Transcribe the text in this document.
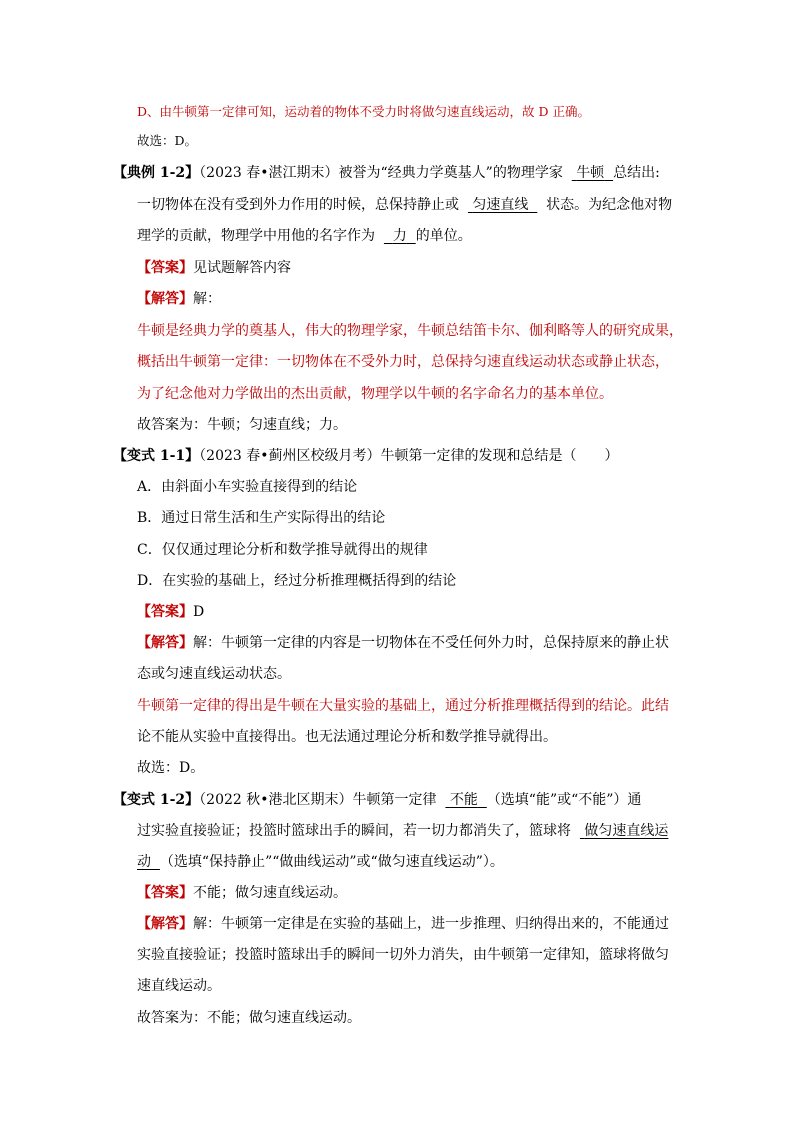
D、由牛顿第一定律可知，运动着的物体不受力时将做匀速直线运动，故 D 正确。
故选：D。
【典例 1-2】（2023 春•湛江期末）被誉为“经典力学奠基人”的物理学家 牛顿 总结出:
一切物体在没有受到外力作用的时候，总保持静止或 匀速直线 状态。为纪念他对物
理学的贡献，物理学中用他的名字作为 力 的单位。
【答案】见试题解答内容
【解答】解：
牛顿是经典力学的奠基人，伟大的物理学家，牛顿总结笛卡尔、伽利略等人的研究成果，
概括出牛顿第一定律：一切物体在不受外力时，总保持匀速直线运动状态或静止状态，
为了纪念他对力学做出的杰出贡献，物理学以牛顿的名字命名力的基本单位。
故答案为：牛顿；匀速直线；力。
【变式 1-1】（2023 春•蓟州区校级月考）牛顿第一定律的发现和总结是（　　）
A．由斜面小车实验直接得到的结论
B．通过日常生活和生产实际得出的结论
C．仅仅通过理论分析和数学推导就得出的规律
D．在实验的基础上，经过分析推理概括得到的结论
【答案】D
【解答】解：牛顿第一定律的内容是一切物体在不受任何外力时，总保持原来的静止状
态或匀速直线运动状态。
牛顿第一定律的得出是牛顿在大量实验的基础上，通过分析推理概括得到的结论。此结
论不能从实验中直接得出。也无法通过理论分析和数学推导就得出。
故选：D。
【变式 1-2】（2022 秋•港北区期末）牛顿第一定律 不能 （选填“能”或“不能”）通
过实验直接验证；投篮时篮球出手的瞬间，若一切力都消失了，篮球将 做匀速直线运
动 （选填“保持静止”“做曲线运动”或“做匀速直线运动”）。
【答案】不能；做匀速直线运动。
【解答】解：牛顿第一定律是在实验的基础上，进一步推理、归纳得出来的，不能通过
实验直接验证；投篮时篮球出手的瞬间一切外力消失，由牛顿第一定律知，篮球将做匀
速直线运动。
故答案为：不能；做匀速直线运动。
